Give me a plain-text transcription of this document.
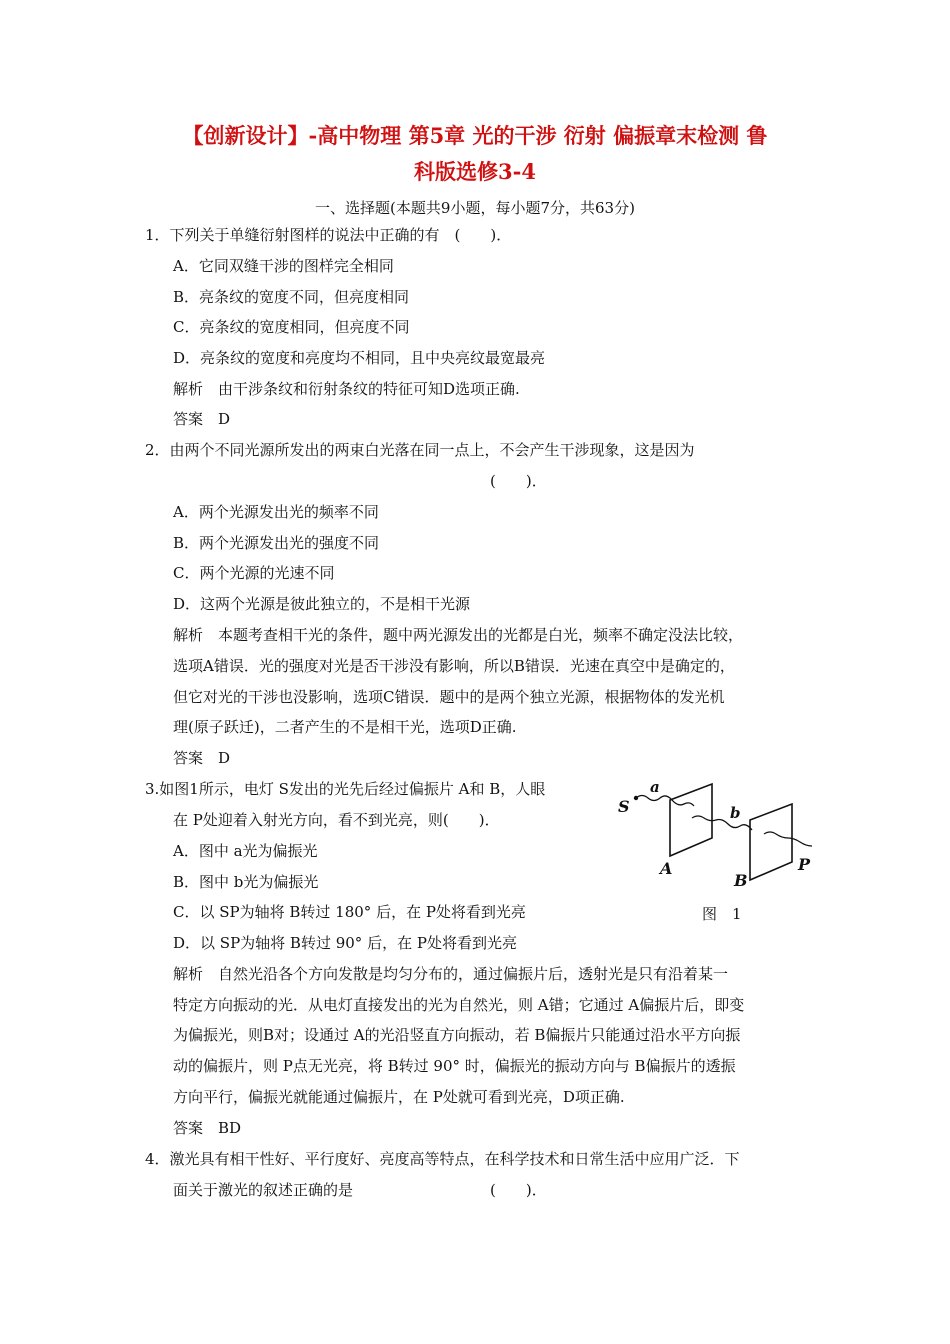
【创新设计】-高中物理 第5章 光的干涉 衍射 偏振章末检测 鲁
科版选修3-4
一、选择题(本题共9小题，每小题7分，共63分)
1．下列关于单缝衍射图样的说法中正确的有　(　　)．
A．它同双缝干涉的图样完全相同
B．亮条纹的宽度不同，但亮度相同
C．亮条纹的宽度相同，但亮度不同
D．亮条纹的宽度和亮度均不相同，且中央亮纹最宽最亮
解析　由干涉条纹和衍射条纹的特征可知D选项正确.
答案　D
2．由两个不同光源所发出的两束白光落在同一点上，不会产生干涉现象，这是因为
(　　)．
A．两个光源发出光的频率不同
B．两个光源发出光的强度不同
C．两个光源的光速不同
D．这两个光源是彼此独立的，不是相干光源
解析　本题考查相干光的条件，题中两光源发出的光都是白光，频率不确定没法比较，
选项A错误．光的强度对光是否干涉没有影响，所以B错误．光速在真空中是确定的，
但它对光的干涉也没影响，选项C错误．题中的是两个独立光源，根据物体的发光机
理(原子跃迁)，二者产生的不是相干光，选项D正确.
答案　D
3.如图1所示，电灯 S发出的光先后经过偏振片 A和 B，人眼
在 P处迎着入射光方向，看不到光亮，则(　　)．
A．图中 a光为偏振光
B．图中 b光为偏振光
C．以 SP为轴将 B转过 180° 后，在 P处将看到光亮
D．以 SP为轴将 B转过 90° 后，在 P处将看到光亮
解析　自然光沿各个方向发散是均匀分布的，通过偏振片后，透射光是只有沿着某一
特定方向振动的光．从电灯直接发出的光为自然光，则 A错；它通过 A偏振片后，即变
为偏振光，则B对；设通过 A的光沿竖直方向振动，若 B偏振片只能通过沿水平方向振
动的偏振片，则 P点无光亮，将 B转过 90° 时，偏振光的振动方向与 B偏振片的透振
方向平行，偏振光就能通过偏振片，在 P处就可看到光亮，D项正确.
答案　BD
S
a
b
A
B
P
图　1
4．激光具有相干性好、平行度好、亮度高等特点，在科学技术和日常生活中应用广泛．下
面关于激光的叙述正确的是	(　　)．
